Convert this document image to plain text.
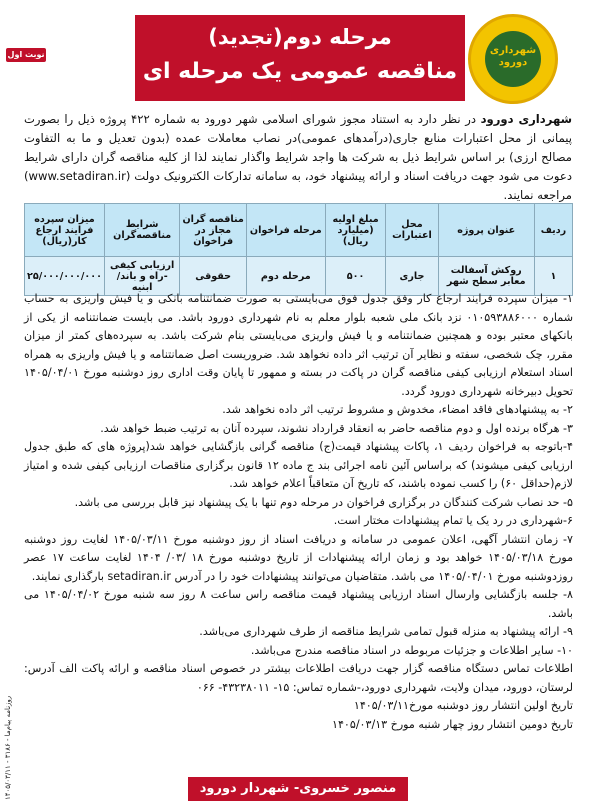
روزنامه پیام‌ما - ۳۱۸۶ - ۱۴۰۵/۰۳/۱۱
نوبت اول
مرحله دوم(تجدید)
مناقصه عمومی یک مرحله ای
شهرداری
دورود
شهرداری دورود در نظر دارد به استناد مجوز شورای اسلامی شهر دورود به شماره ۴۲۲ پروژه ذیل را بصورت پیمانی از محل اعتبارات منابع جاری(درآمدهای عمومی)در نصاب معاملات عمده (بدون تعدیل و ما به التفاوت مصالح ارزی) بر اساس شرایط ذیل به شرکت ها واجد شرایط واگذار نمایند لذا از کلیه مناقصه گران دارای شرایط دعوت می شود جهت دریافت اسناد و ارائه پیشنهاد خود، به سامانه تدارکات الکترونیک دولت (www.setadiran.ir) مراجعه نمایند.
ردیف	عنوان پروژه	محل اعتبارات	مبلغ اولیه (میلیارد ریال)	مرحله فراخوان	مناقصه گران مجاز در فراخوان	شرایط مناقصه‌گران	میزان سپرده فرایند ارجاع کار(ریال)
۱	روکش آسفالت معابر سطح شهر	جاری	۵۰۰	مرحله دوم	حقوقی	ارزیابی کیفی -راه و باند/ابنیه	۲۵/۰۰۰/۰۰۰/۰۰۰

۱- میزان سپرده فرایند ارجاع کار وفق جدول فوق می‌بایستی به صورت ضمانتنامه بانکی و یا فیش واریزی به حساب شماره ۰۱۰۵۹۳۸۸۶۰۰۰ نزد بانک ملی شعبه بلوار معلم به نام شهرداری دورود باشد. می بایست ضمانتنامه از یکی از بانکهای معتبر بوده و همچنین ضمانتنامه و یا فیش واریزی می‌بایستی بنام شرکت باشد. به سپرده‌های کمتر از میزان مقرر، چک شخصی، سفته و نظایر آن ترتیب اثر داده نخواهد شد. ضروریست اصل ضمانتنامه و یا فیش واریزی به همراه اسناد استعلام ارزیابی کیفی مناقصه گران در پاکت در بسته و ممهور تا پایان وقت اداری روز دوشنبه مورخ ۱۴۰۵/۰۴/۰۱ تحویل دبیرخانه شهرداری دورود گردد.

۲- به پیشنهادهای فاقد امضاء، مخدوش و مشروط ترتیب اثر داده نخواهد شد.

۳- هرگاه برنده اول و دوم مناقصه حاضر به انعقاد قرارداد نشوند، سپرده آنان به ترتیب ضبط خواهد شد.

۴-باتوجه به فراخوان ردیف ۱، پاکات پیشنهاد قیمت(ج) مناقصه گرانی بازگشایی خواهد شد(پروژه های که طبق جدول ارزیابی کیفی میشوند) که براساس آئین نامه اجرائی بند ج ماده ۱۲ قانون برگزاری مناقصات ارزیابی کیفی شده و امتیاز لازم(حداقل ۶۰) را کسب نموده باشند، که تاریخ آن متعاقباً اعلام خواهد شد.

۵- حد نصاب شرکت کنندگان در برگزاری فراخوان در مرحله دوم تنها با یک پیشنهاد نیز قابل بررسی می باشد.

۶-شهرداری در رد یک یا تمام پیشنهادات مختار است.

۷- زمان انتشار آگهی، اعلان عمومی در سامانه و دریافت اسناد از روز دوشنبه مورخ ۱۴۰۵/۰۳/۱۱ لغایت روز دوشنبه مورخ ۱۴۰۵/۰۳/۱۸ خواهد بود و زمان ارائه پیشنهادات از تاریخ دوشنبه مورخ ۱۸ /۰۳/ ۱۴۰۴ لغایت ساعت ۱۷ عصر روزدوشنبه مورخ ۱۴۰۵/۰۴/۰۱ می باشد. متقاضیان می‌توانند پیشنهادات خود را در آدرس setadiran.ir بارگذاری نمایند.

۸- جلسه بازگشایی وارسال اسناد ارزیابی پیشنهاد قیمت مناقصه راس ساعت ۸ روز سه شنبه مورخ ۱۴۰۵/۰۴/۰۲ می باشد.

۹- ارائه پیشنهاد به منزله قبول تمامی شرایط مناقصه از طرف شهرداری می‌باشد.

۱۰- سایر اطلاعات و جزئیات مربوطه در اسناد مناقصه مندرج می‌باشد.

اطلاعات تماس دستگاه مناقصه گزار جهت دریافت اطلاعات بیشتر در خصوص اسناد مناقصه و ارائه پاکت الف آدرس: لرستان، دورود، میدان ولایت، شهرداری دورود،-شماره تماس: ۱۵- ۴۳۲۳۸۰۱۱- ۰۶۶

تاریخ اولین انتشار روز دوشنبه مورخ۱۴۰۵/۰۳/۱۱

تاریخ دومین انتشار روز چهار شنبه مورخ ۱۴۰۵/۰۳/۱۳

منصور خسروی- شهردار دورود
